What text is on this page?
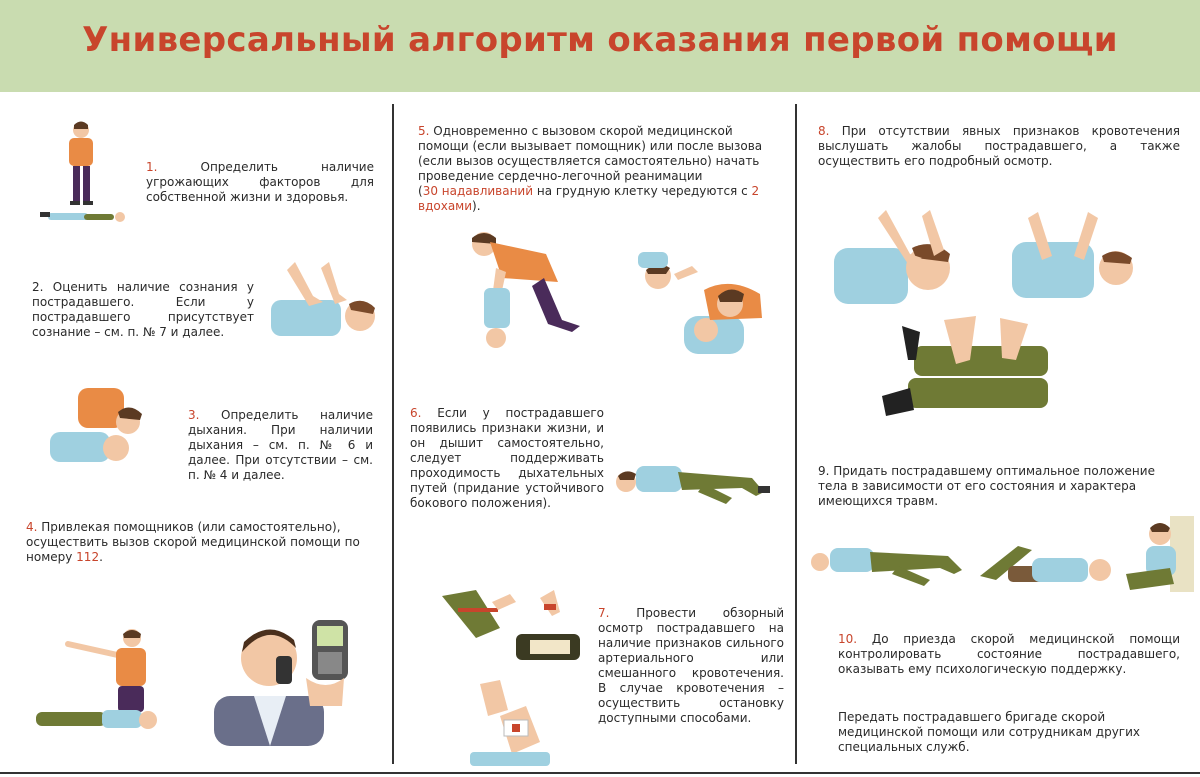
Универсальный алгоритм оказания первой помощи
1.	Определить наличие угрожающих факторов для собственной жизни и здоровья.
2. Оценить наличие сознания у пострадавшего. Если у пострадавшего присутствует сознание – см. п. № 7 и далее.
3. Определить наличие дыхания. При наличии дыхания – см. п. № 6 и далее. При отсутствии – см. п. № 4 и далее.
4. Привлекая помощников (или самостоятельно), осуществить вызов скорой медицинской помощи по номеру 112.
5. Одновременно с вызовом скорой медицинской помощи (если вызывает помощник) или после вызова (если вызов осуществляется самостоятельно) начать проведение сердечно-легочной реанимации
(30 надавливаний на грудную клетку чередуются с 2 вдохами).
6. Если у пострадавшего появились признаки жизни, и он дышит самостоятельно, следует поддерживать проходимость дыхательных путей (придание устойчивого бокового положения).
7. Провести обзорный осмотр пострадавшего на наличие признаков сильного артериального или смешанного кровотечения. В случае кровотечения – осуществить остановку доступными способами.
8. При отсутствии явных признаков кровотечения выслушать жалобы пострадавшего, а также осуществить его подробный осмотр.
9. Придать пострадавшему оптимальное положение тела в зависимости от его состояния и характера имеющихся травм.
10. До приезда скорой медицинской помощи контролировать состояние пострадавшего, оказывать ему психологическую поддержку.
Передать пострадавшего бригаде скорой медицинской помощи или сотрудникам других специальных служб.
